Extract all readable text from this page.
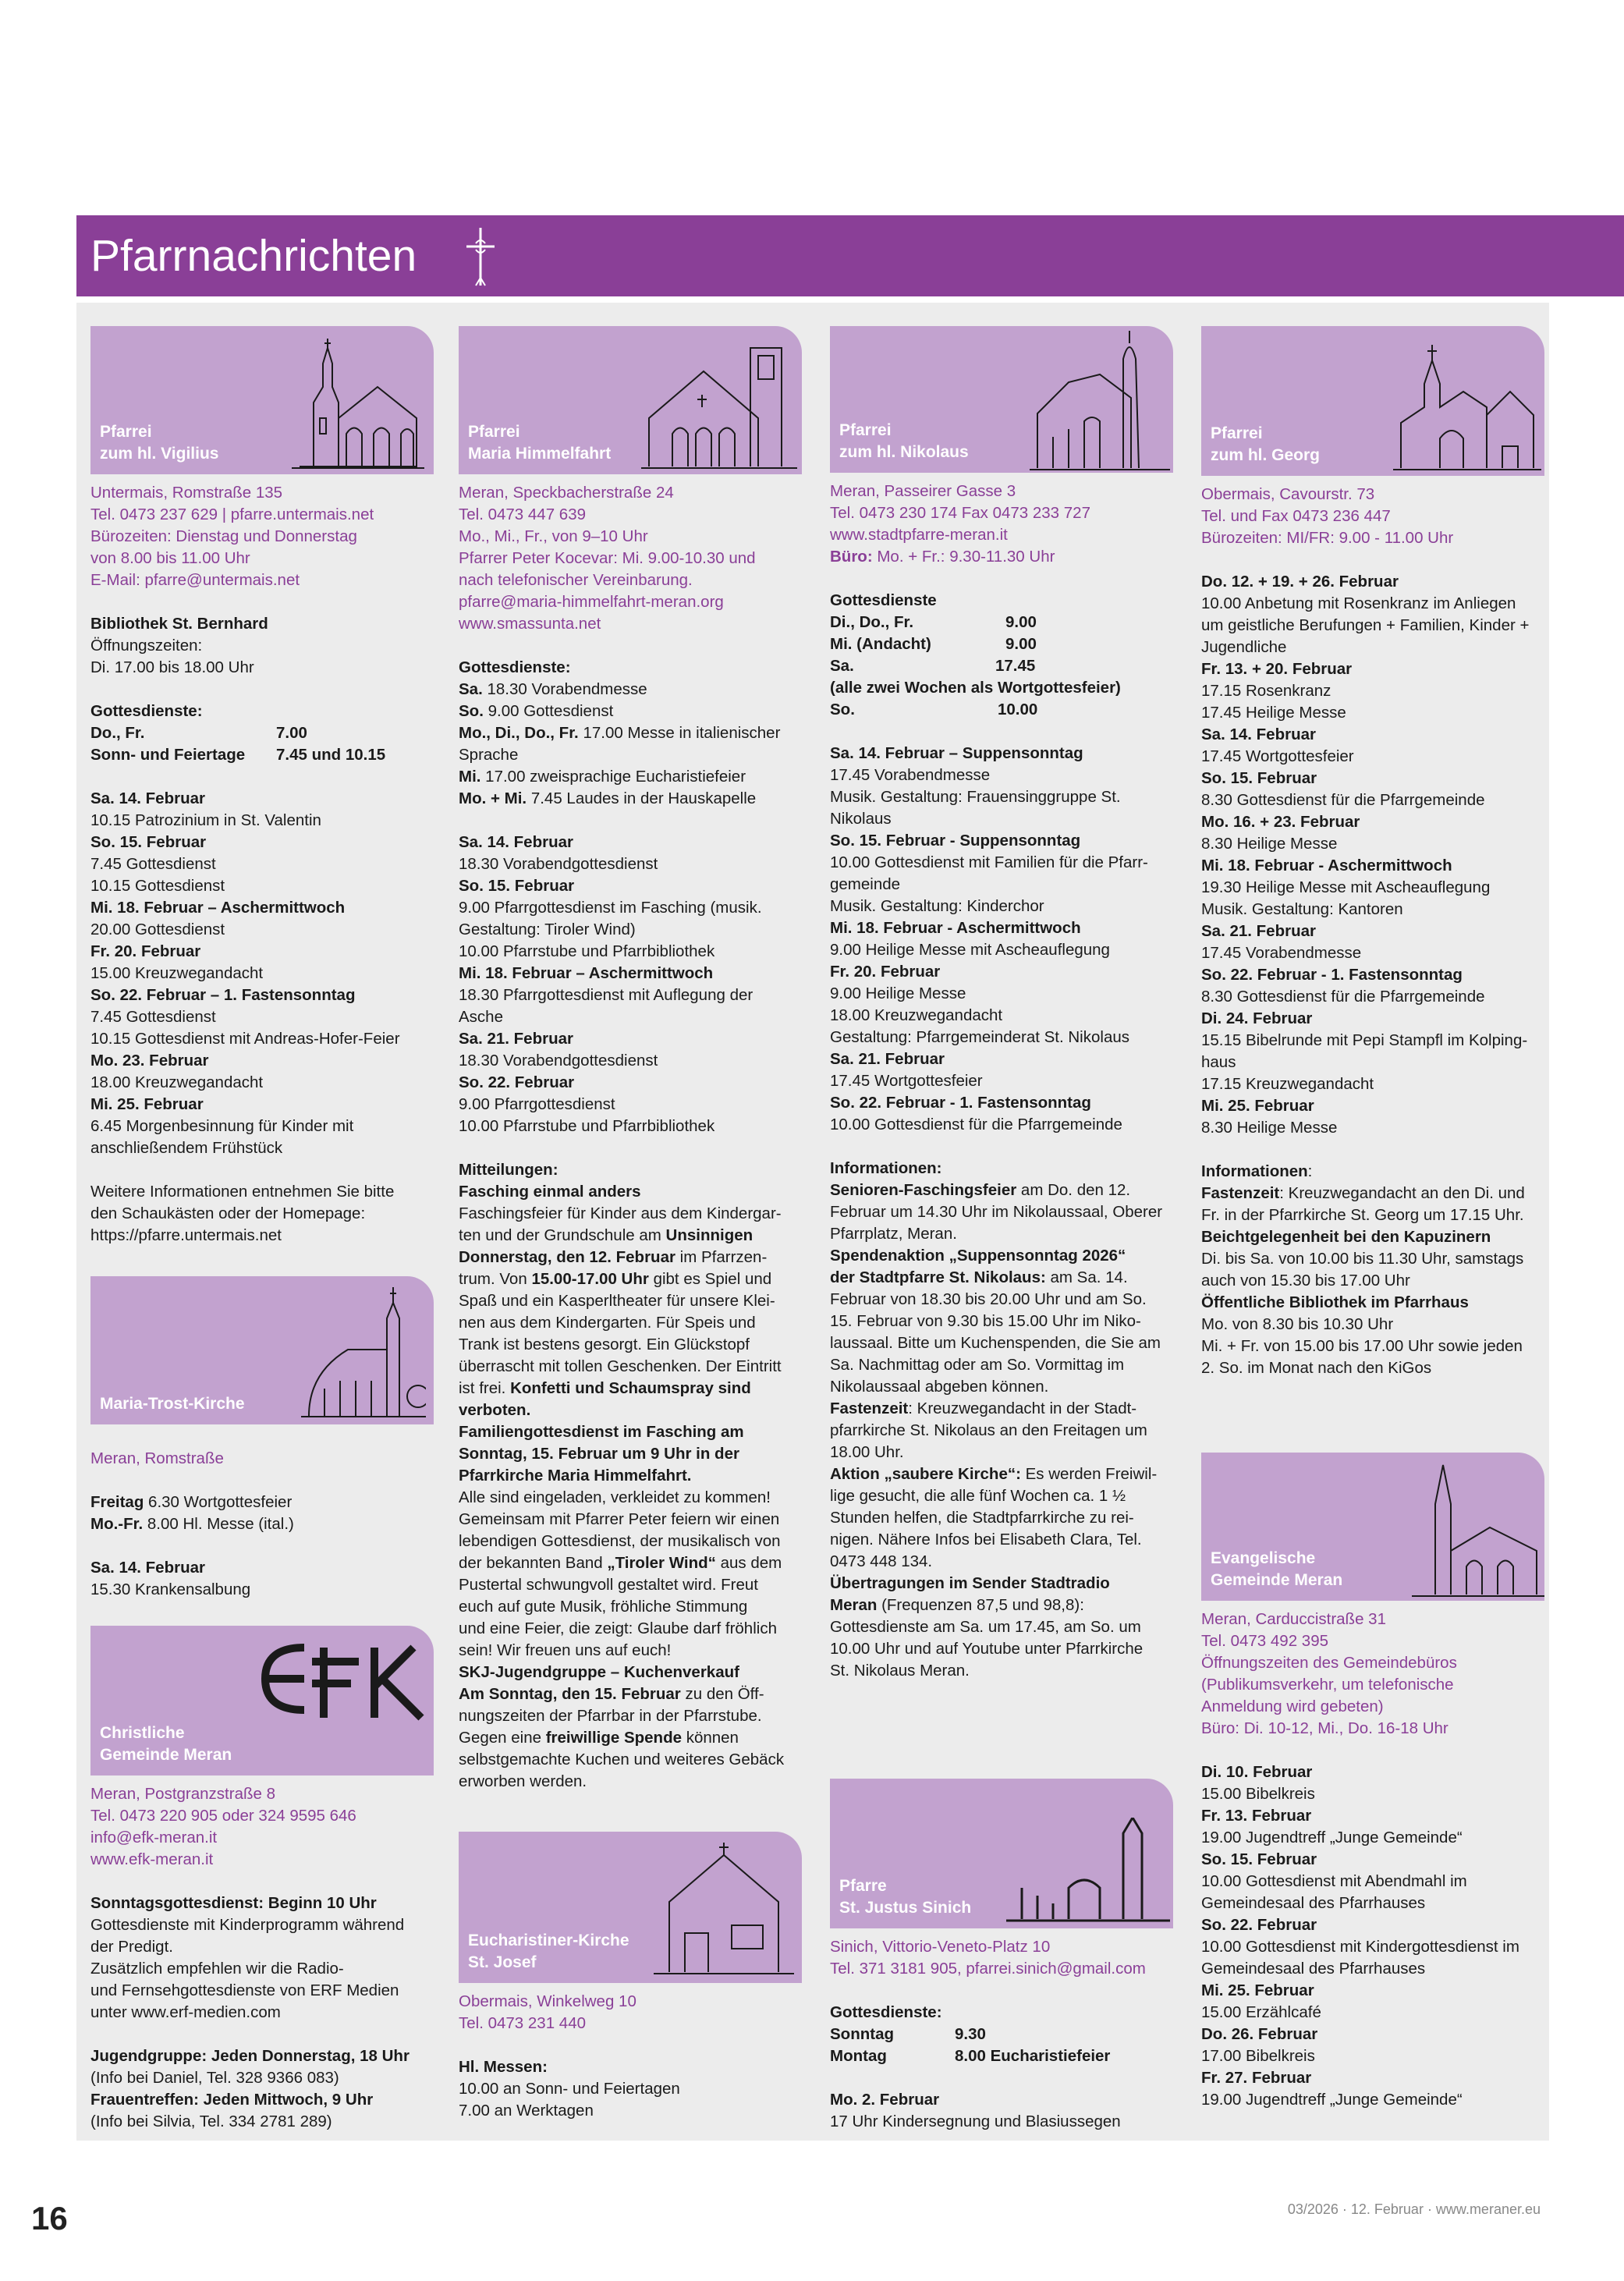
Pfarrnachrichten
Pfarrei
zum hl. Vigilius
Untermais, Romstraße 135
Tel. 0473 237 629 | pfarre.untermais.net
Bürozeiten: Dienstag und Donnerstag
von 8.00 bis 11.00 Uhr
E-Mail: pfarre@untermais.net
Bibliothek St. Bernhard
Öffnungszeiten:
Di. 17.00 bis 18.00 Uhr
Gottesdienste:
Do., Fr.	7.00
Sonn- und Feiertage	7.45 und 10.15
Sa. 14. Februar
10.15 Patrozinium in St. Valentin
So. 15. Februar
7.45 Gottesdienst
10.15 Gottesdienst
Mi. 18. Februar – Aschermittwoch
20.00 Gottesdienst
Fr. 20. Februar
15.00 Kreuzwegandacht
So. 22. Februar – 1. Fastensonntag
7.45 Gottesdienst
10.15 Gottesdienst mit Andreas-Hofer-Feier
Mo. 23. Februar
18.00 Kreuzwegandacht
Mi. 25. Februar
6.45 Morgenbesinnung für Kinder mit
anschließendem Frühstück
Weitere Informationen entnehmen Sie bitte
den Schaukästen oder der Homepage:
https://pfarre.untermais.net
Maria-Trost-Kirche
Meran, Romstraße
Freitag 6.30 Wortgottesfeier
Mo.-Fr. 8.00 Hl. Messe (ital.)
Sa. 14. Februar
15.30 Krankensalbung
Christliche
Gemeinde Meran
Meran, Postgranzstraße 8
Tel. 0473 220 905 oder 324 9595 646
info@efk-meran.it
www.efk-meran.it
Sonntagsgottesdienst: Beginn 10 Uhr
Gottesdienste mit Kinderprogramm während
der Predigt.
Zusätzlich empfehlen wir die Radio-
und Fernsehgottesdienste von ERF Medien
unter www.erf-medien.com
Jugendgruppe: Jeden Donnerstag, 18 Uhr
(Info bei Daniel, Tel. 328 9366 083)
Frauentreffen: Jeden Mittwoch, 9 Uhr
(Info bei Silvia, Tel. 334 2781 289)
Pfarrei
Maria Himmelfahrt
Meran, Speckbacherstraße 24
Tel. 0473 447 639
Mo., Mi., Fr., von 9–10 Uhr
Pfarrer Peter Kocevar: Mi. 9.00-10.30 und
nach telefonischer Vereinbarung.
pfarre@maria-himmelfahrt-meran.org
www.smassunta.net
Gottesdienste:
Sa. 18.30 Vorabendmesse
So. 9.00 Gottesdienst
Mo., Di., Do., Fr. 17.00 Messe in italienischer
Sprache
Mi. 17.00 zweisprachige Eucharistiefeier
Mo. + Mi. 7.45 Laudes in der Hauskapelle
Sa. 14. Februar
18.30 Vorabendgottesdienst
So. 15. Februar
9.00 Pfarrgottesdienst im Fasching (musik.
Gestaltung: Tiroler Wind)
10.00 Pfarrstube und Pfarrbibliothek
Mi. 18. Februar – Aschermittwoch
18.30 Pfarrgottesdienst mit Auflegung der
Asche
Sa. 21. Februar
18.30 Vorabendgottesdienst
So. 22. Februar
9.00 Pfarrgottesdienst
10.00 Pfarrstube und Pfarrbibliothek
Mitteilungen:
Fasching einmal anders
Faschingsfeier für Kinder aus dem Kindergar-
ten und der Grundschule am Unsinnigen
Donnerstag, den 12. Februar im Pfarrzen-
trum. Von 15.00-17.00 Uhr gibt es Spiel und
Spaß und ein Kasperltheater für unsere Klei-
nen aus dem Kindergarten. Für Speis und
Trank ist bestens gesorgt. Ein Glückstopf
überrascht mit tollen Geschenken. Der Eintritt
ist frei. Konfetti und Schaumspray sind
verboten.
Familiengottesdienst im Fasching am
Sonntag, 15. Februar um 9 Uhr in der
Pfarrkirche Maria Himmelfahrt.
Alle sind eingeladen, verkleidet zu kommen!
Gemeinsam mit Pfarrer Peter feiern wir einen
lebendigen Gottesdienst, der musikalisch von
der bekannten Band „Tiroler Wind“ aus dem
Pustertal schwungvoll gestaltet wird. Freut
euch auf gute Musik, fröhliche Stimmung
und eine Feier, die zeigt: Glaube darf fröhlich
sein! Wir freuen uns auf euch!
SKJ-Jugendgruppe – Kuchenverkauf
Am Sonntag, den 15. Februar zu den Öff-
nungszeiten der Pfarrbar in der Pfarrstube.
Gegen eine freiwillige Spende können
selbstgemachte Kuchen und weiteres Gebäck
erworben werden.
Eucharistiner-Kirche
St. Josef
Obermais, Winkelweg 10
Tel. 0473 231 440
Hl. Messen:
10.00 an Sonn- und Feiertagen
7.00 an Werktagen
Pfarrei
zum hl. Nikolaus
Meran, Passeirer Gasse 3
Tel. 0473 230 174 Fax 0473 233 727
www.stadtpfarre-meran.it
Büro: Mo. + Fr.: 9.30-11.30 Uhr
Gottesdienste
Di., Do., Fr.	9.00
Mi. (Andacht)	9.00
Sa.	17.45
(alle zwei Wochen als Wortgottesfeier)
So.	10.00
Sa. 14. Februar – Suppensonntag
17.45 Vorabendmesse
Musik. Gestaltung: Frauensinggruppe St.
Nikolaus
So. 15. Februar - Suppensonntag
10.00 Gottesdienst mit Familien für die Pfarr-
gemeinde
Musik. Gestaltung: Kinderchor
Mi. 18. Februar - Aschermittwoch
9.00 Heilige Messe mit Ascheauflegung
Fr. 20. Februar
9.00 Heilige Messe
18.00 Kreuzwegandacht
Gestaltung: Pfarrgemeinderat St. Nikolaus
Sa. 21. Februar
17.45 Wortgottesfeier
So. 22. Februar - 1. Fastensonntag
10.00 Gottesdienst für die Pfarrgemeinde
Informationen:
Senioren-Faschingsfeier am Do. den 12.
Februar um 14.30 Uhr im Nikolaussaal, Oberer
Pfarrplatz, Meran.
Spendenaktion „Suppensonntag 2026“
der Stadtpfarre St. Nikolaus: am Sa. 14.
Februar von 18.30 bis 20.00 Uhr und am So.
15. Februar von 9.30 bis 15.00 Uhr im Niko-
laussaal. Bitte um Kuchenspenden, die Sie am
Sa. Nachmittag oder am So. Vormittag im
Nikolaussaal abgeben können.
Fastenzeit: Kreuzwegandacht in der Stadt-
pfarrkirche St. Nikolaus an den Freitagen um
18.00 Uhr.
Aktion „saubere Kirche“: Es werden Freiwil-
lige gesucht, die alle fünf Wochen ca. 1 ½
Stunden helfen, die Stadtpfarrkirche zu rei-
nigen. Nähere Infos bei Elisabeth Clara, Tel.
0473 448 134.
Übertragungen im Sender Stadtradio
Meran (Frequenzen 87,5 und 98,8):
Gottesdienste am Sa. um 17.45, am So. um
10.00 Uhr und auf Youtube unter Pfarrkirche
St. Nikolaus Meran.
Pfarre
St. Justus Sinich
Sinich, Vittorio-Veneto-Platz 10
Tel. 371 3181 905, pfarrei.sinich@gmail.com
Gottesdienste:
Sonntag	9.30
Montag	8.00 Eucharistiefeier
Mo. 2. Februar
17 Uhr Kindersegnung und Blasiussegen
Pfarrei
zum hl. Georg
Obermais, Cavourstr. 73
Tel. und Fax 0473 236 447
Bürozeiten: MI/FR: 9.00 - 11.00 Uhr
Do. 12. + 19. + 26. Februar
10.00 Anbetung mit Rosenkranz im Anliegen
um geistliche Berufungen + Familien, Kinder +
Jugendliche
Fr. 13. + 20. Februar
17.15 Rosenkranz
17.45 Heilige Messe
Sa. 14. Februar
17.45 Wortgottesfeier
So. 15. Februar
8.30 Gottesdienst für die Pfarrgemeinde
Mo. 16. + 23. Februar
8.30 Heilige Messe
Mi. 18. Februar - Aschermittwoch
19.30 Heilige Messe mit Ascheauflegung
Musik. Gestaltung: Kantoren
Sa. 21. Februar
17.45 Vorabendmesse
So. 22. Februar - 1. Fastensonntag
8.30 Gottesdienst für die Pfarrgemeinde
Di. 24. Februar
15.15 Bibelrunde mit Pepi Stampfl im Kolping-
haus
17.15 Kreuzwegandacht
Mi. 25. Februar
8.30 Heilige Messe
Informationen:
Fastenzeit: Kreuzwegandacht an den Di. und
Fr. in der Pfarrkirche St. Georg um 17.15 Uhr.
Beichtgelegenheit bei den Kapuzinern
Di. bis Sa. von 10.00 bis 11.30 Uhr, samstags
auch von 15.30 bis 17.00 Uhr
Öffentliche Bibliothek im Pfarrhaus
Mo. von 8.30 bis 10.30 Uhr
Mi. + Fr. von 15.00 bis 17.00 Uhr sowie jeden
2. So. im Monat nach den KiGos
Evangelische
Gemeinde Meran
Meran, Carduccistraße 31
Tel. 0473 492 395
Öffnungszeiten des Gemeindebüros
(Publikumsverkehr, um telefonische
Anmeldung wird gebeten)
Büro: Di. 10-12, Mi., Do. 16-18 Uhr
Di. 10. Februar
15.00 Bibelkreis
Fr. 13. Februar
19.00 Jugendtreff „Junge Gemeinde“
So. 15. Februar
10.00 Gottesdienst mit Abendmahl im
Gemeindesaal des Pfarrhauses
So. 22. Februar
10.00 Gottesdienst mit Kindergottesdienst im
Gemeindesaal des Pfarrhauses
Mi. 25. Februar
15.00 Erzählcafé
Do. 26. Februar
17.00 Bibelkreis
Fr. 27. Februar
19.00 Jugendtreff „Junge Gemeinde“
16	03/2026 · 12. Februar · www.meraner.eu
